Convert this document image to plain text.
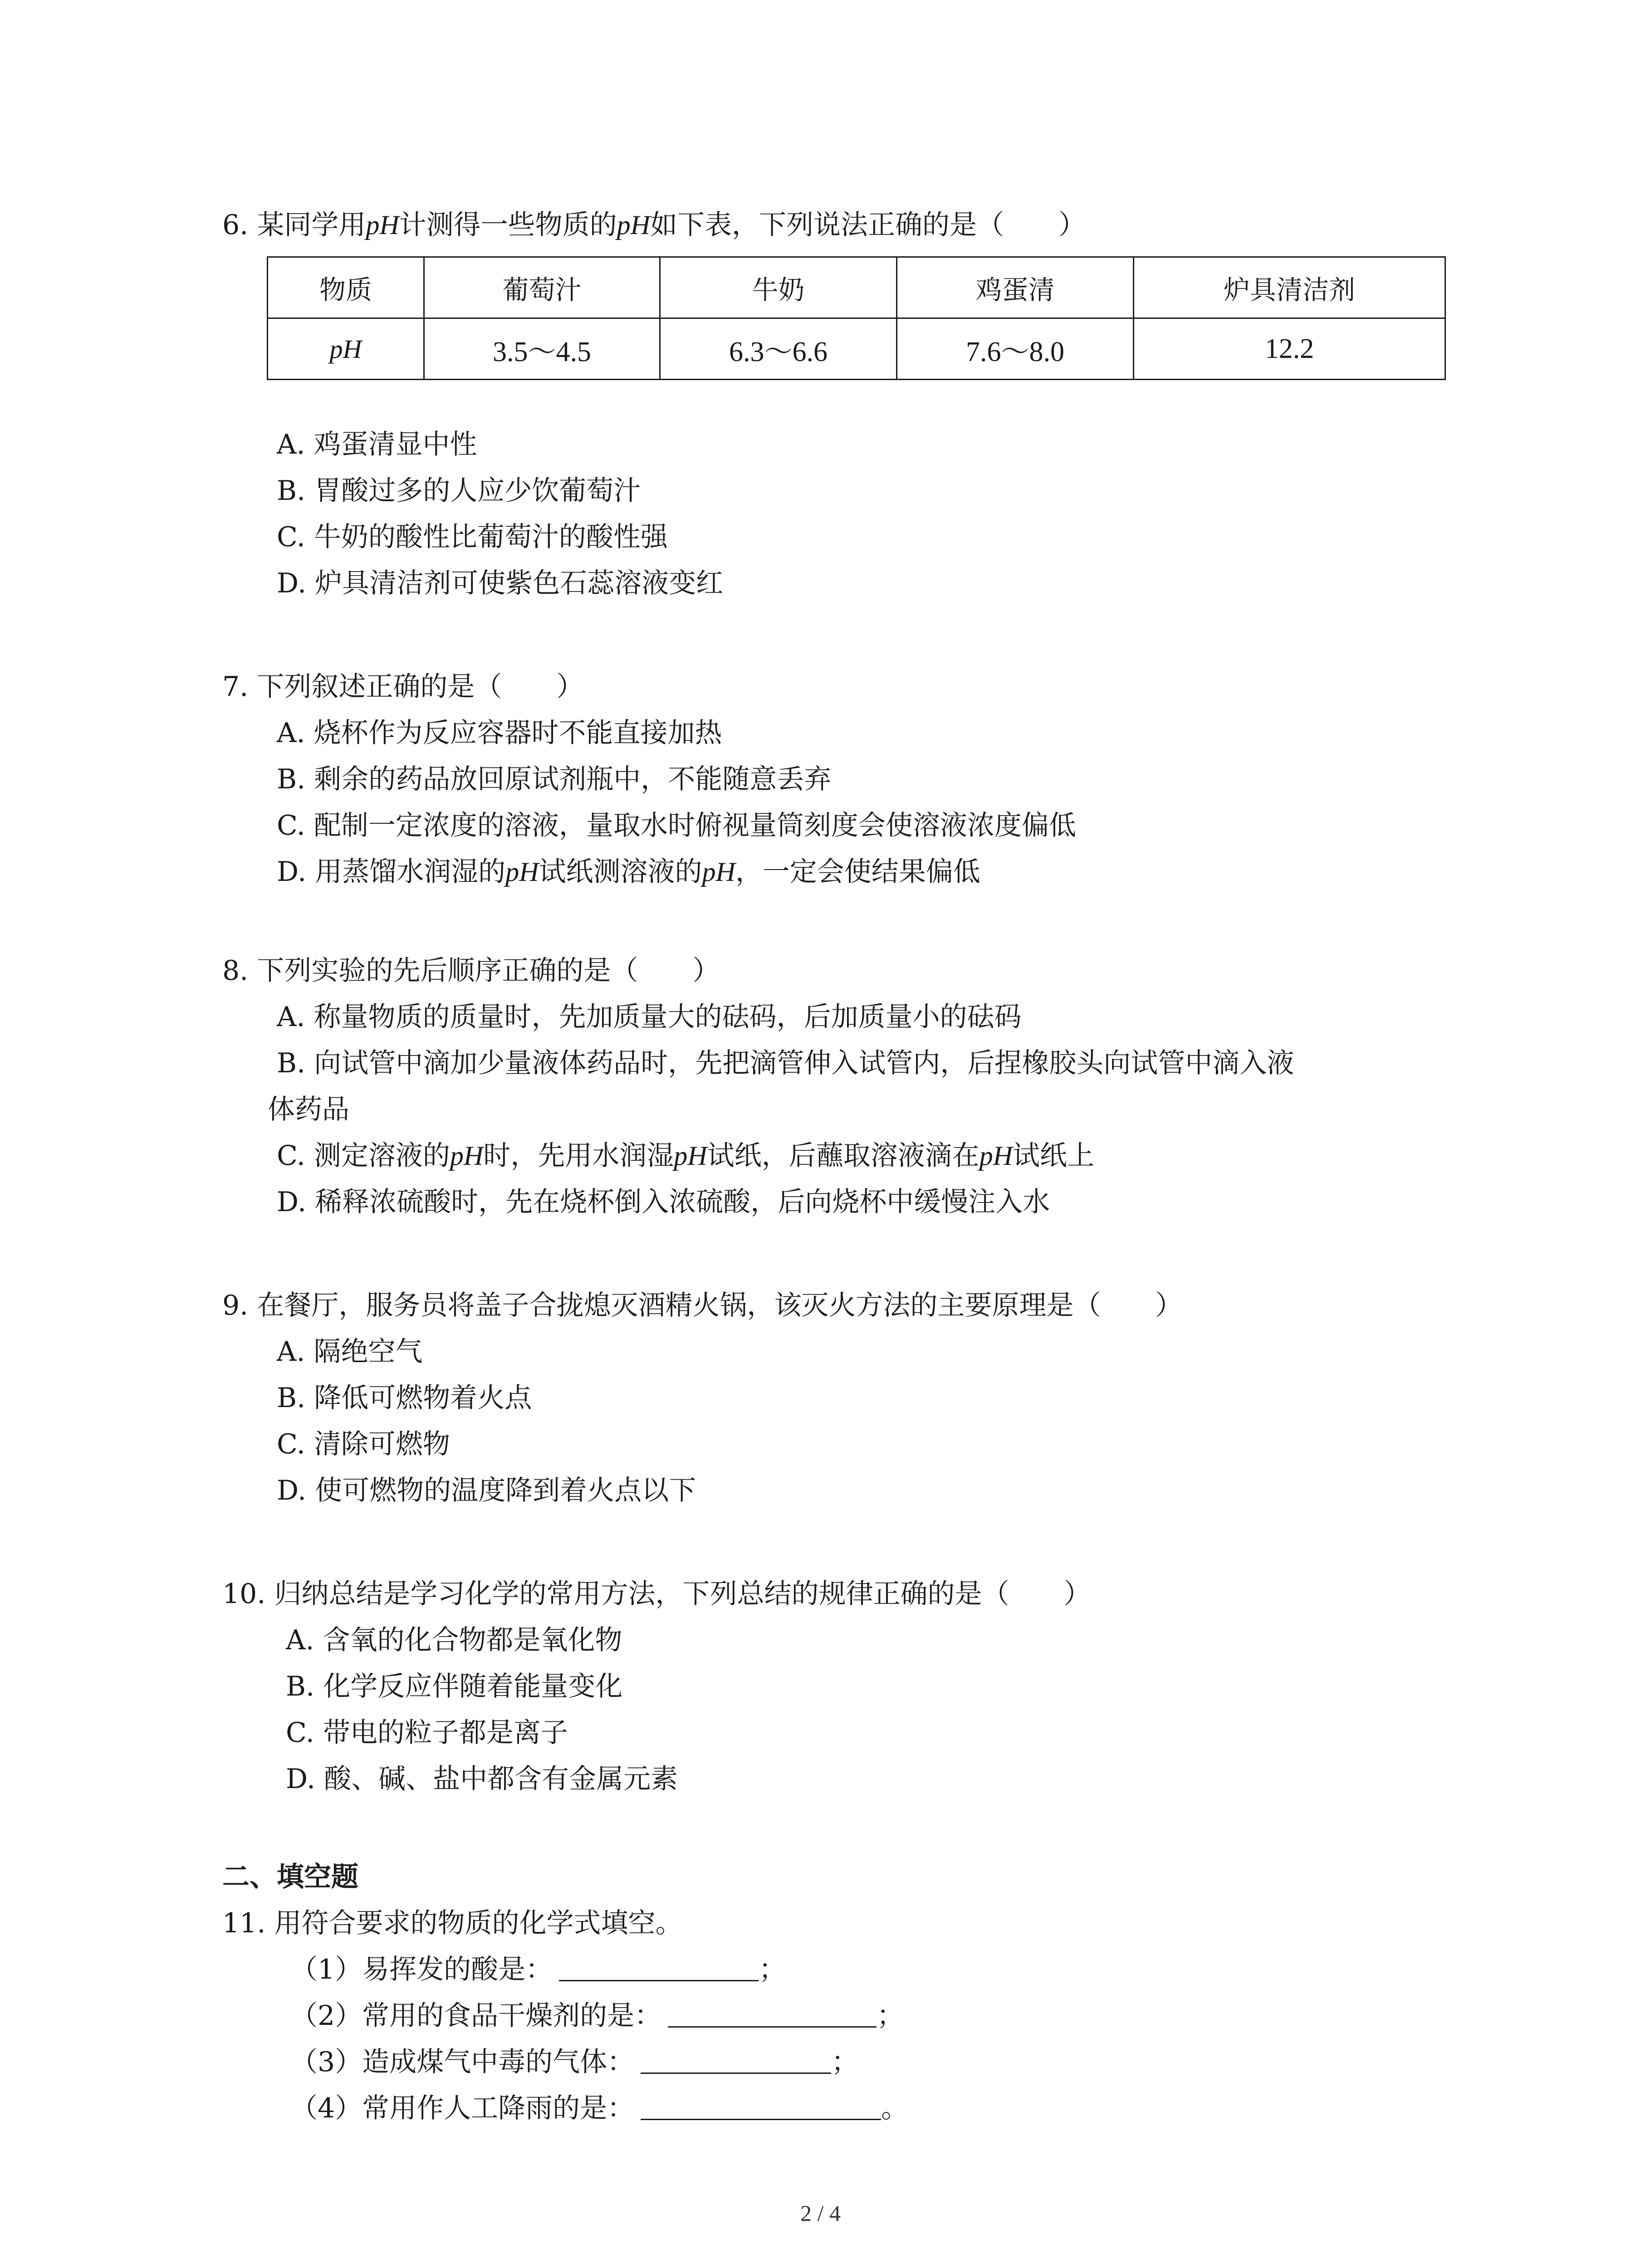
6. 某同学用pH计测得一些物质的pH如下表，下列说法正确的是（　　）
物质	葡萄汁	牛奶	鸡蛋清	炉具清洁剂
pH	3.5～4.5	6.3～6.6	7.6～8.0	12.2
A. 鸡蛋清显中性
B. 胃酸过多的人应少饮葡萄汁
C. 牛奶的酸性比葡萄汁的酸性强
D. 炉具清洁剂可使紫色石蕊溶液变红
7. 下列叙述正确的是（　　）
A. 烧杯作为反应容器时不能直接加热
B. 剩余的药品放回原试剂瓶中，不能随意丢弃
C. 配制一定浓度的溶液，量取水时俯视量筒刻度会使溶液浓度偏低
D. 用蒸馏水润湿的pH试纸测溶液的pH，一定会使结果偏低
8. 下列实验的先后顺序正确的是（　　）
A. 称量物质的质量时，先加质量大的砝码，后加质量小的砝码
B. 向试管中滴加少量液体药品时，先把滴管伸入试管内，后捏橡胶头向试管中滴入液
体药品
C. 测定溶液的pH时，先用水润湿pH试纸，后蘸取溶液滴在pH试纸上
D. 稀释浓硫酸时，先在烧杯倒入浓硫酸，后向烧杯中缓慢注入水
9. 在餐厅，服务员将盖子合拢熄灭酒精火锅，该灭火方法的主要原理是（　　）
A. 隔绝空气
B. 降低可燃物着火点
C. 清除可燃物
D. 使可燃物的温度降到着火点以下
10. 归纳总结是学习化学的常用方法，下列总结的规律正确的是（　　）
A. 含氧的化合物都是氧化物
B. 化学反应伴随着能量变化
C. 带电的粒子都是离子
D. 酸、碱、盐中都含有金属元素
二、填空题
11. 用符合要求的物质的化学式填空。
（1）易挥发的酸是：	；
（2）常用的食品干燥剂的是：	；
（3）造成煤气中毒的气体：	；
（4）常用作人工降雨的是：	。
2 / 4
